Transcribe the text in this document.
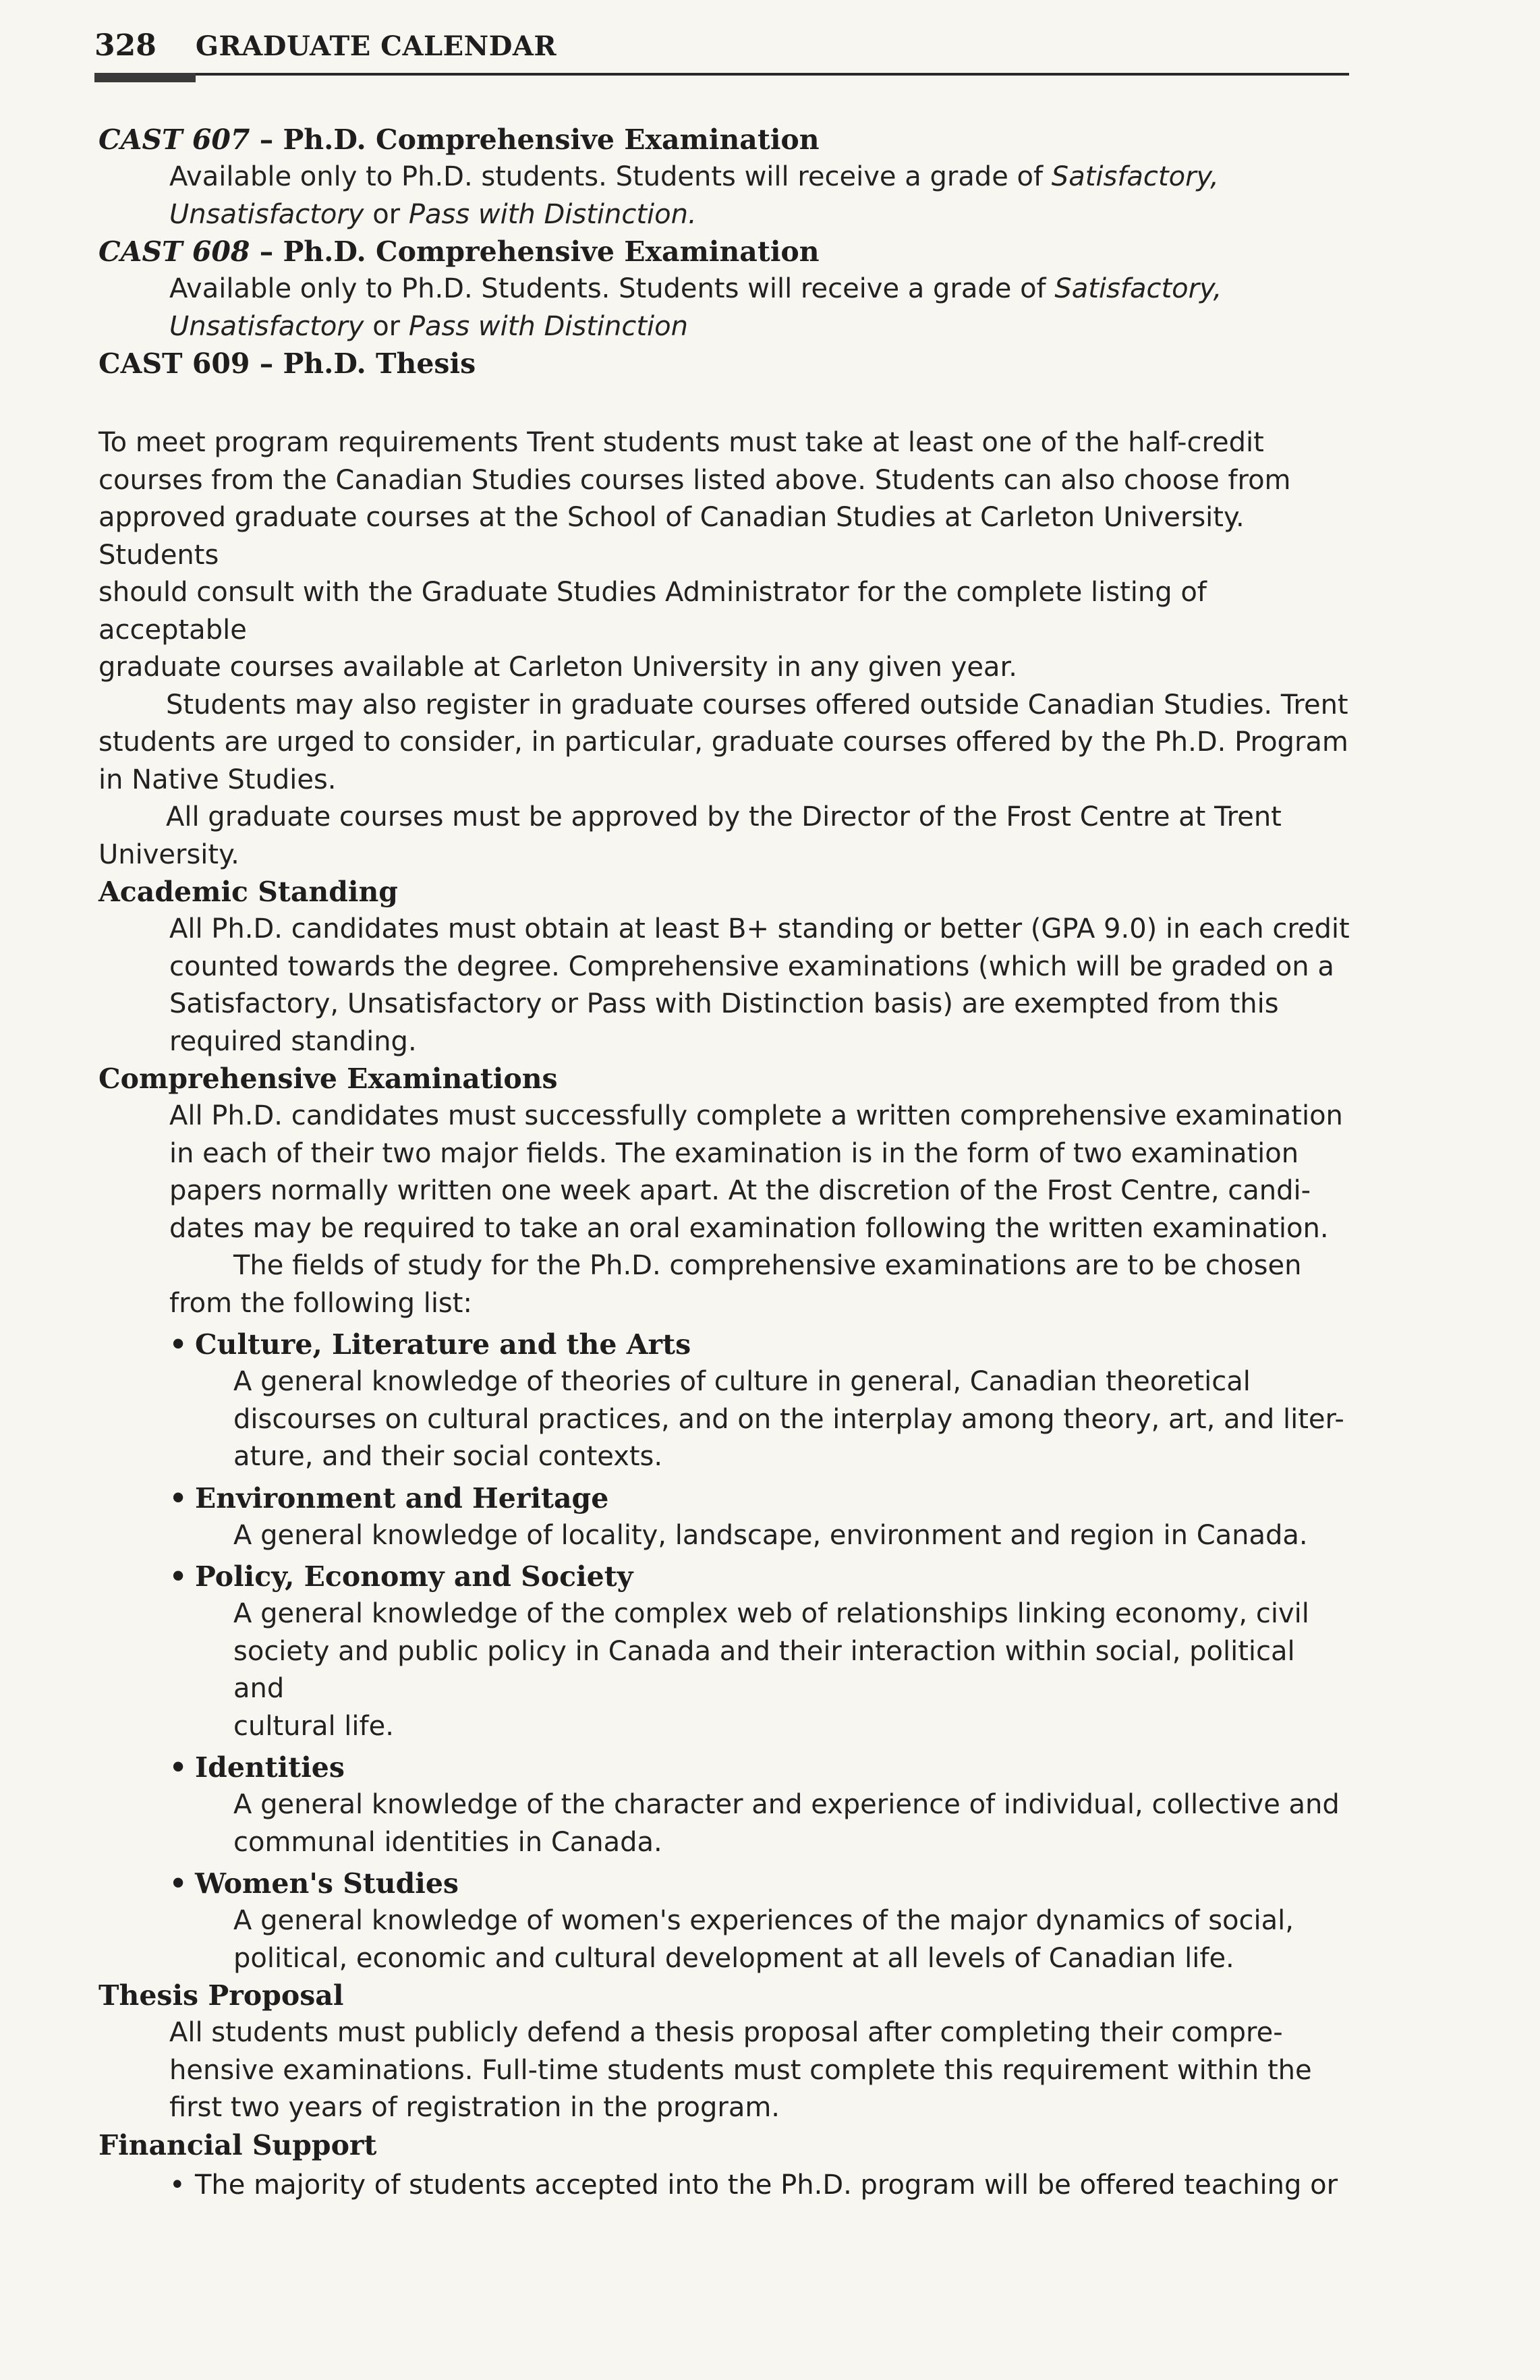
328 GRADUATE CALENDAR

CAST 607 – Ph.D. Comprehensive Examination

Available only to Ph.D. students. Students will receive a grade of Satisfactory,

Unsatisfactory or Pass with Distinction.

CAST 608 – Ph.D. Comprehensive Examination

Available only to Ph.D. Students. Students will receive a grade of Satisfactory,

Unsatisfactory or Pass with Distinction

CAST 609 – Ph.D. Thesis

To meet program requirements Trent students must take at least one of the half-credit

courses from the Canadian Studies courses listed above. Students can also choose from

approved graduate courses at the School of Canadian Studies at Carleton University. Students

should consult with the Graduate Studies Administrator for the complete listing of acceptable

graduate courses available at Carleton University in any given year.

Students may also register in graduate courses offered outside Canadian Studies. Trent

students are urged to consider, in particular, graduate courses offered by the Ph.D. Program

in Native Studies.

All graduate courses must be approved by the Director of the Frost Centre at Trent

University.

Academic Standing

All Ph.D. candidates must obtain at least B+ standing or better (GPA 9.0) in each credit

counted towards the degree. Comprehensive examinations (which will be graded on a

Satisfactory, Unsatisfactory or Pass with Distinction basis) are exempted from this

required standing.

Comprehensive Examinations

All Ph.D. candidates must successfully complete a written comprehensive examination

in each of their two major fields. The examination is in the form of two examination

papers normally written one week apart. At the discretion of the Frost Centre, candi-

dates may be required to take an oral examination following the written examination.

The fields of study for the Ph.D. comprehensive examinations are to be chosen

from the following list:

• Culture, Literature and the Arts

A general knowledge of theories of culture in general, Canadian theoretical

discourses on cultural practices, and on the interplay among theory, art, and liter-

ature, and their social contexts.

• Environment and Heritage

A general knowledge of locality, landscape, environment and region in Canada.

• Policy, Economy and Society

A general knowledge of the complex web of relationships linking economy, civil

society and public policy in Canada and their interaction within social, political and

cultural life.

• Identities

A general knowledge of the character and experience of individual, collective and

communal identities in Canada.

• Women's Studies

A general knowledge of women's experiences of the major dynamics of social,

political, economic and cultural development at all levels of Canadian life.

Thesis Proposal

All students must publicly defend a thesis proposal after completing their compre-

hensive examinations. Full-time students must complete this requirement within the

first two years of registration in the program.

Financial Support

• The majority of students accepted into the Ph.D. program will be offered teaching or
